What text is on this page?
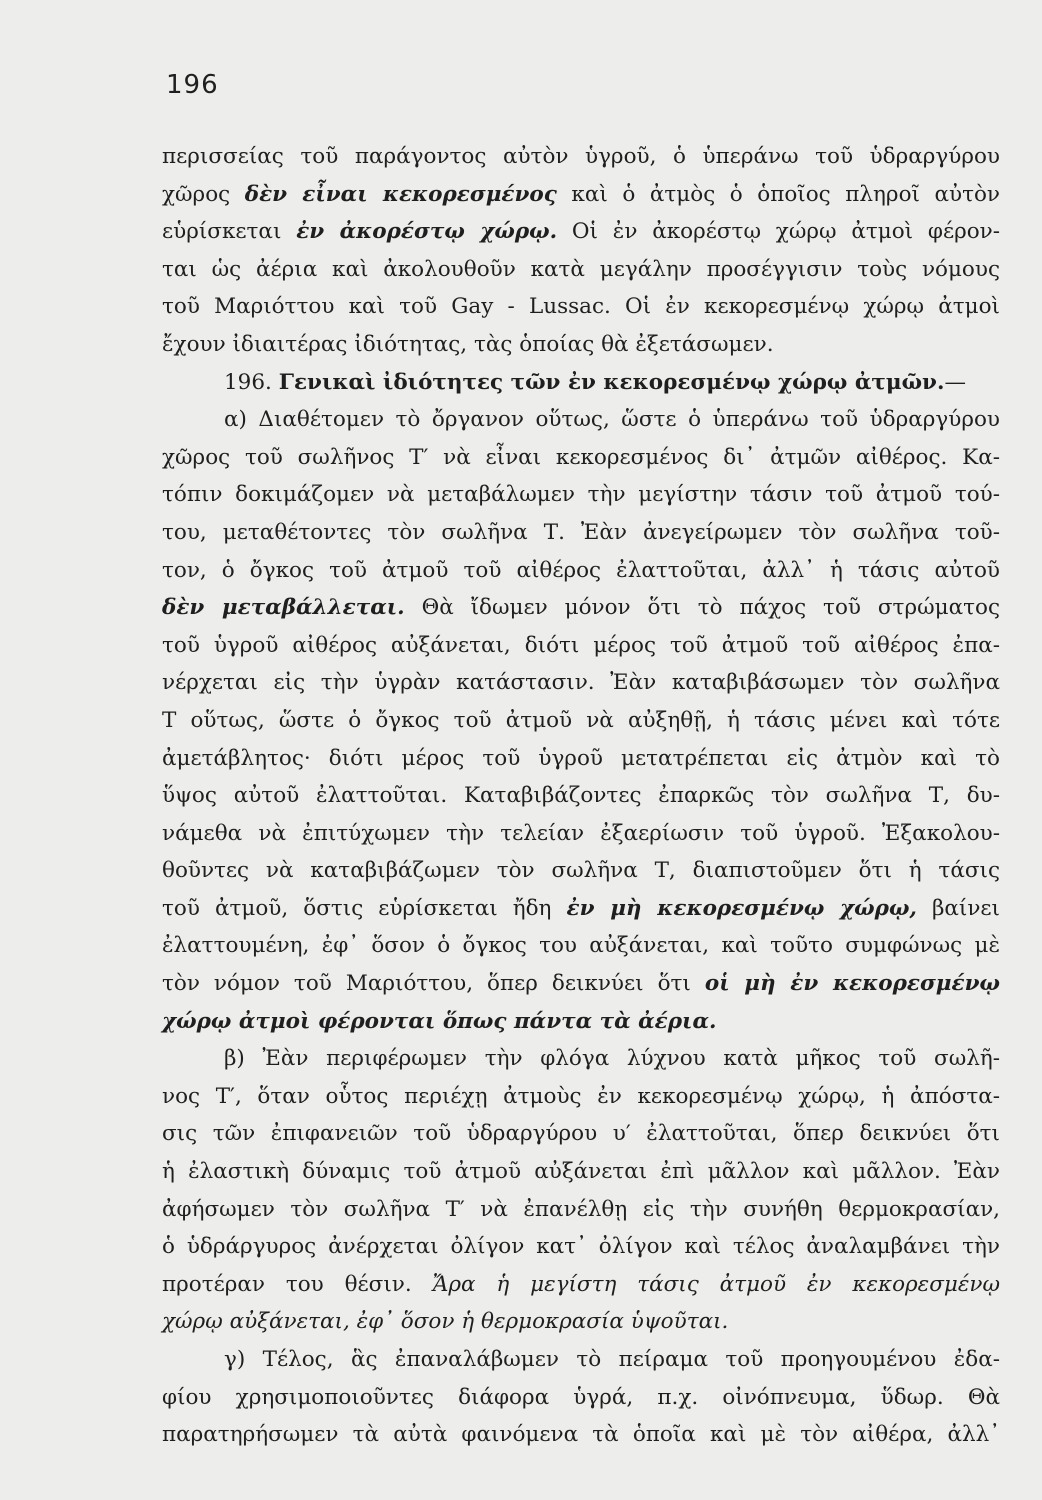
196
περισσείας τοῦ παράγοντος αὐτὸν ὑγροῦ, ὁ ὑπεράνω τοῦ ὑδραργύρου
χῶρος δὲν εἶναι κεκορεσμένος καὶ ὁ ἀτμὸς ὁ ὁποῖος πληροῖ αὐτὸν
εὑρίσκεται ἐν ἀκορέστῳ χώρῳ. Οἱ ἐν ἀκορέστῳ χώρῳ ἀτμοὶ φέρον-
ται ὡς ἀέρια καὶ ἀκολουθοῦν κατὰ μεγάλην προσέγγισιν τοὺς νόμους
τοῦ Μαριόττου καὶ τοῦ Gay - Lussac. Οἱ ἐν κεκορεσμένῳ χώρῳ ἀτμοὶ
ἔχουν ἰδιαιτέρας ἰδιότητας, τὰς ὁποίας θὰ ἐξετάσωμεν.
196. Γενικαὶ ἰδιότητες τῶν ἐν κεκορεσμένῳ χώρῳ ἀτμῶν.—
α) Διαθέτομεν τὸ ὄργανον οὕτως, ὥστε ὁ ὑπεράνω τοῦ ὑδραργύρου
χῶρος τοῦ σωλῆνος Τ′ νὰ εἶναι κεκορεσμένος δι᾽ ἀτμῶν αἰθέρος. Κα-
τόπιν δοκιμάζομεν νὰ μεταβάλωμεν τὴν μεγίστην τάσιν τοῦ ἀτμοῦ τού-
του, μεταθέτοντες τὸν σωλῆνα Τ. Ἐὰν ἀνεγείρωμεν τὸν σωλῆνα τοῦ-
τον, ὁ ὄγκος τοῦ ἀτμοῦ τοῦ αἰθέρος ἐλαττοῦται, ἀλλ᾽ ἡ τάσις αὐτοῦ
δὲν μεταβάλλεται. Θὰ ἴδωμεν μόνον ὅτι τὸ πάχος τοῦ στρώματος
τοῦ ὑγροῦ αἰθέρος αὐξάνεται, διότι μέρος τοῦ ἀτμοῦ τοῦ αἰθέρος ἐπα-
νέρχεται εἰς τὴν ὑγρὰν κατάστασιν. Ἐὰν καταβιβάσωμεν τὸν σωλῆνα
Τ οὕτως, ὥστε ὁ ὄγκος τοῦ ἀτμοῦ νὰ αὐξηθῇ, ἡ τάσις μένει καὶ τότε
ἀμετάβλητος· διότι μέρος τοῦ ὑγροῦ μετατρέπεται εἰς ἀτμὸν καὶ τὸ
ὕψος αὐτοῦ ἐλαττοῦται. Καταβιβάζοντες ἐπαρκῶς τὸν σωλῆνα Τ, δυ-
νάμεθα νὰ ἐπιτύχωμεν τὴν τελείαν ἐξαερίωσιν τοῦ ὑγροῦ. Ἐξακολου-
θοῦντες νὰ καταβιβάζωμεν τὸν σωλῆνα Τ, διαπιστοῦμεν ὅτι ἡ τάσις
τοῦ ἀτμοῦ, ὅστις εὑρίσκεται ἤδη ἐν μὴ κεκορεσμένῳ χώρῳ, βαίνει
ἐλαττουμένη, ἐφ᾽ ὅσον ὁ ὄγκος του αὐξάνεται, καὶ τοῦτο συμφώνως μὲ
τὸν νόμον τοῦ Μαριόττου, ὅπερ δεικνύει ὅτι οἱ μὴ ἐν κεκορεσμένῳ
χώρῳ ἀτμοὶ φέρονται ὅπως πάντα τὰ ἀέρια.
β) Ἐὰν περιφέρωμεν τὴν φλόγα λύχνου κατὰ μῆκος τοῦ σωλῆ-
νος Τ′, ὅταν οὗτος περιέχῃ ἀτμοὺς ἐν κεκορεσμένῳ χώρῳ, ἡ ἀπόστα-
σις τῶν ἐπιφανειῶν τοῦ ὑδραργύρου υ′ ἐλαττοῦται, ὅπερ δεικνύει ὅτι
ἡ ἐλαστικὴ δύναμις τοῦ ἀτμοῦ αὐξάνεται ἐπὶ μᾶλλον καὶ μᾶλλον. Ἐὰν
ἀφήσωμεν τὸν σωλῆνα Τ′ νὰ ἐπανέλθῃ εἰς τὴν συνήθη θερμοκρασίαν,
ὁ ὑδράργυρος ἀνέρχεται ὀλίγον κατ᾽ ὀλίγον καὶ τέλος ἀναλαμβάνει τὴν
προτέραν του θέσιν. Ἄρα ἡ μεγίστη τάσις ἀτμοῦ ἐν κεκορεσμένῳ
χώρῳ αὐξάνεται, ἐφ᾽ ὅσον ἡ θερμοκρασία ὑψοῦται.
γ) Τέλος, ἃς ἐπαναλάβωμεν τὸ πείραμα τοῦ προηγουμένου ἐδα-
φίου χρησιμοποιοῦντες διάφορα ὑγρά, π.χ. οἰνόπνευμα, ὕδωρ. Θὰ
παρατηρήσωμεν τὰ αὐτὰ φαινόμενα τὰ ὁποῖα καὶ μὲ τὸν αἰθέρα, ἀλλ᾽
